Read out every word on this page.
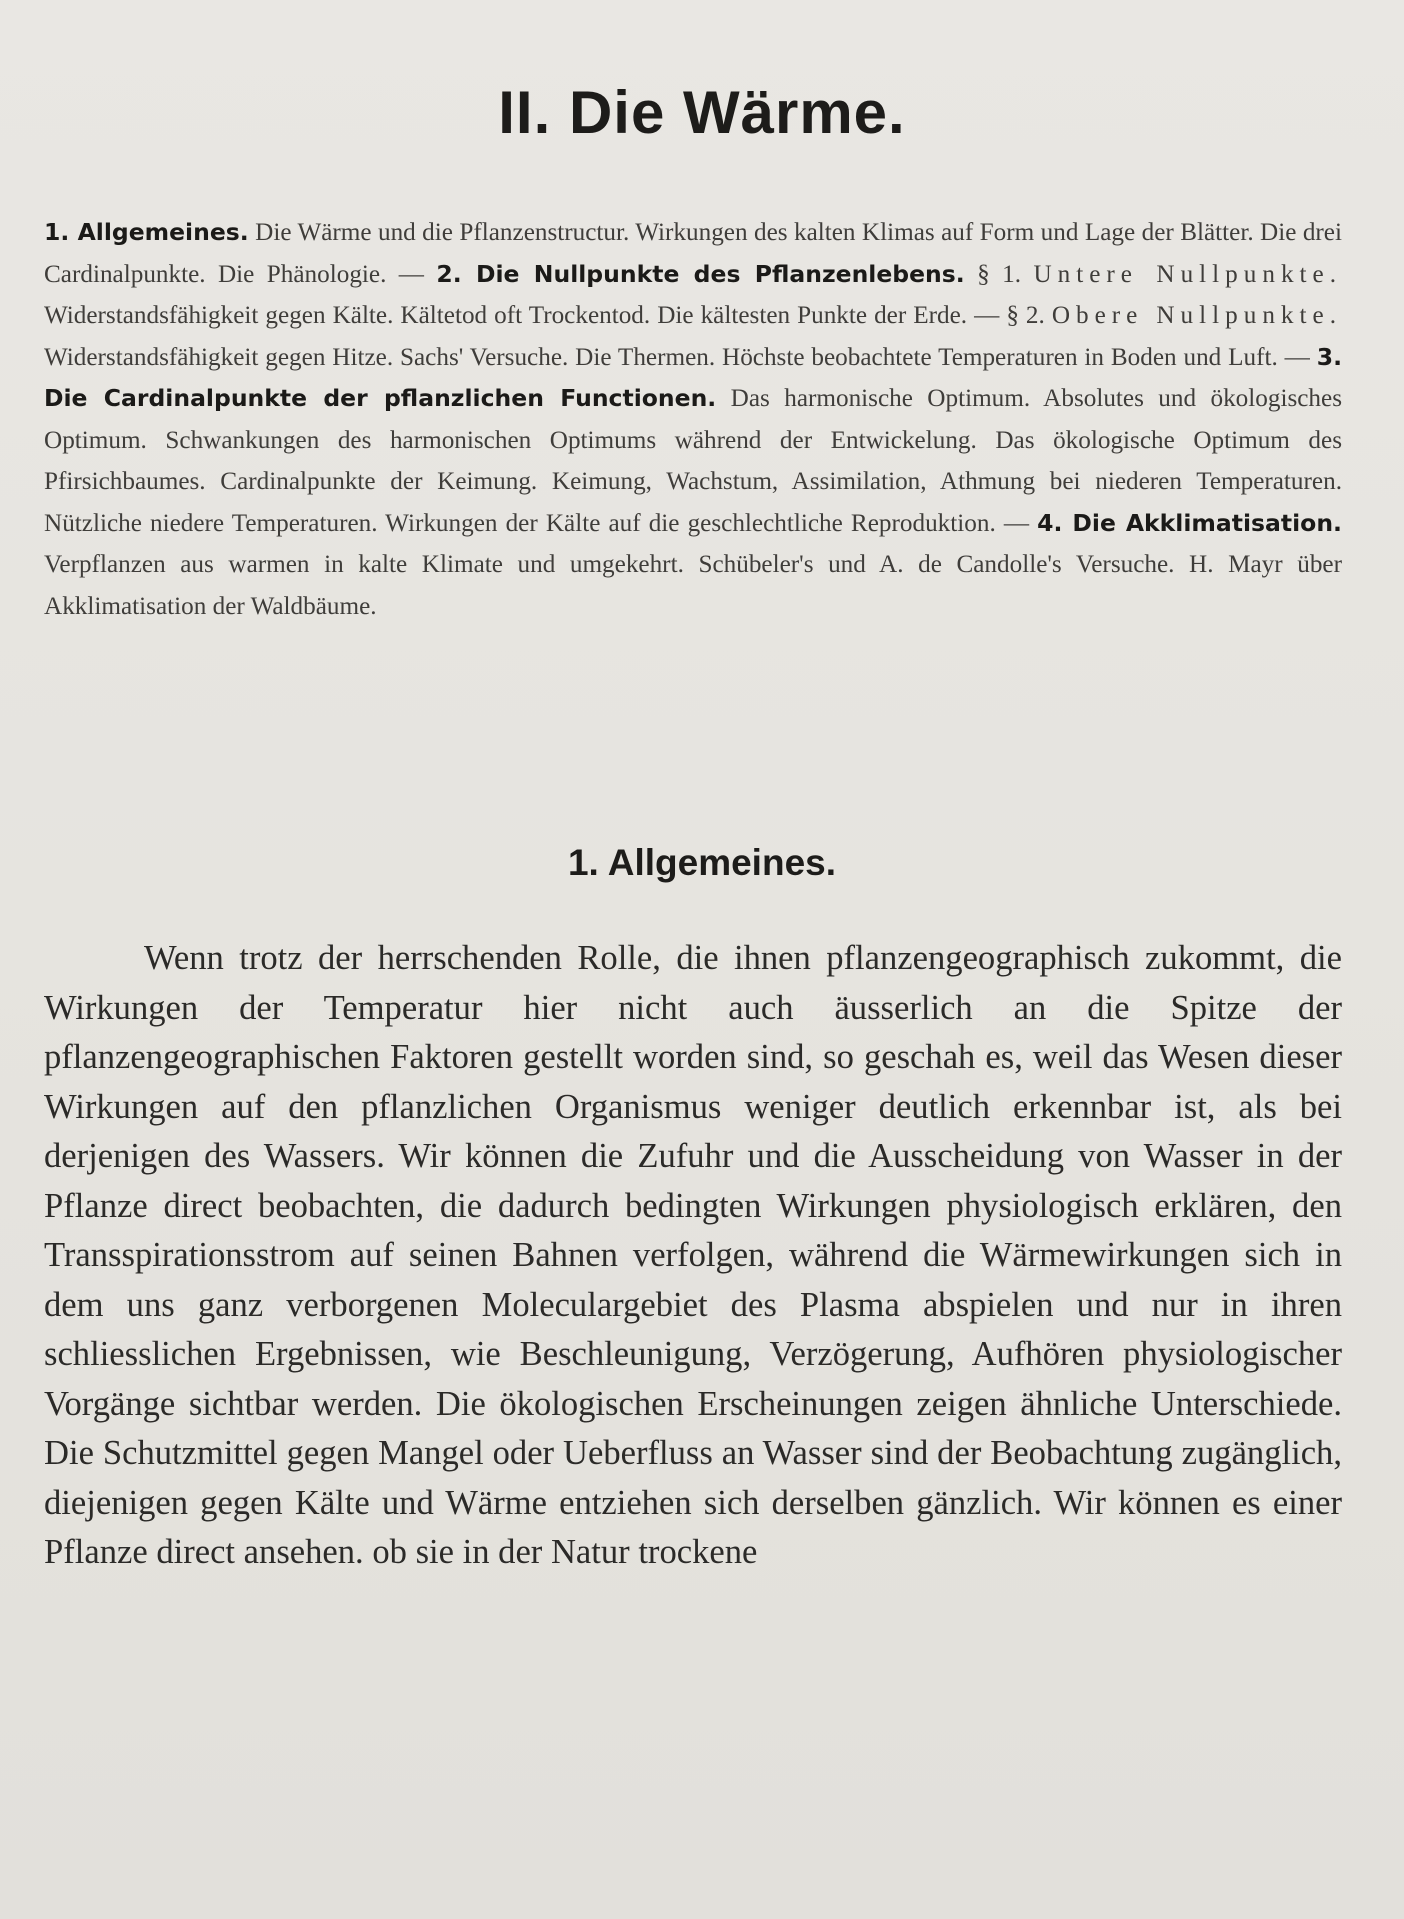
II. Die Wärme.

1. Allgemeines. Die Wärme und die Pflanzenstructur. Wirkungen des kalten Klimas auf Form und Lage der Blätter. Die drei Cardinalpunkte. Die Phänologie. — 2. Die Nullpunkte des Pflanzenlebens. § 1. Untere Nullpunkte. Widerstandsfähigkeit gegen Kälte. Kältetod oft Trockentod. Die kältesten Punkte der Erde. — § 2. Obere Nullpunkte. Widerstandsfähigkeit gegen Hitze. Sachs' Versuche. Die Thermen. Höchste beobachtete Temperaturen in Boden und Luft. — 3. Die Cardinalpunkte der pflanzlichen Functionen. Das harmonische Optimum. Absolutes und ökologisches Optimum. Schwankungen des harmonischen Optimums während der Entwickelung. Das ökologische Optimum des Pfirsichbaumes. Cardinalpunkte der Keimung. Keimung, Wachstum, Assimilation, Athmung bei niederen Temperaturen. Nützliche niedere Temperaturen. Wirkungen der Kälte auf die geschlechtliche Reproduktion. — 4. Die Akklimatisation. Verpflanzen aus warmen in kalte Klimate und umgekehrt. Schübeler's und A. de Candolle's Versuche. H. Mayr über Akklimatisation der Waldbäume.

1. Allgemeines.

Wenn trotz der herrschenden Rolle, die ihnen pflanzengeographisch zukommt, die Wirkungen der Temperatur hier nicht auch äusserlich an die Spitze der pflanzengeographischen Faktoren gestellt worden sind, so geschah es, weil das Wesen dieser Wirkungen auf den pflanzlichen Organismus weniger deutlich erkennbar ist, als bei derjenigen des Wassers. Wir können die Zufuhr und die Ausscheidung von Wasser in der Pflanze direct beobachten, die dadurch bedingten Wirkungen physiologisch erklären, den Transspirationsstrom auf seinen Bahnen verfolgen, während die Wärmewirkungen sich in dem uns ganz verborgenen Moleculargebiet des Plasma abspielen und nur in ihren schliesslichen Ergebnissen, wie Beschleunigung, Verzögerung, Aufhören physiologischer Vorgänge sichtbar werden. Die ökologischen Erscheinungen zeigen ähnliche Unterschiede. Die Schutzmittel gegen Mangel oder Ueberfluss an Wasser sind der Beobachtung zugänglich, diejenigen gegen Kälte und Wärme entziehen sich derselben gänzlich. Wir können es einer Pflanze direct ansehen. ob sie in der Natur trockene
